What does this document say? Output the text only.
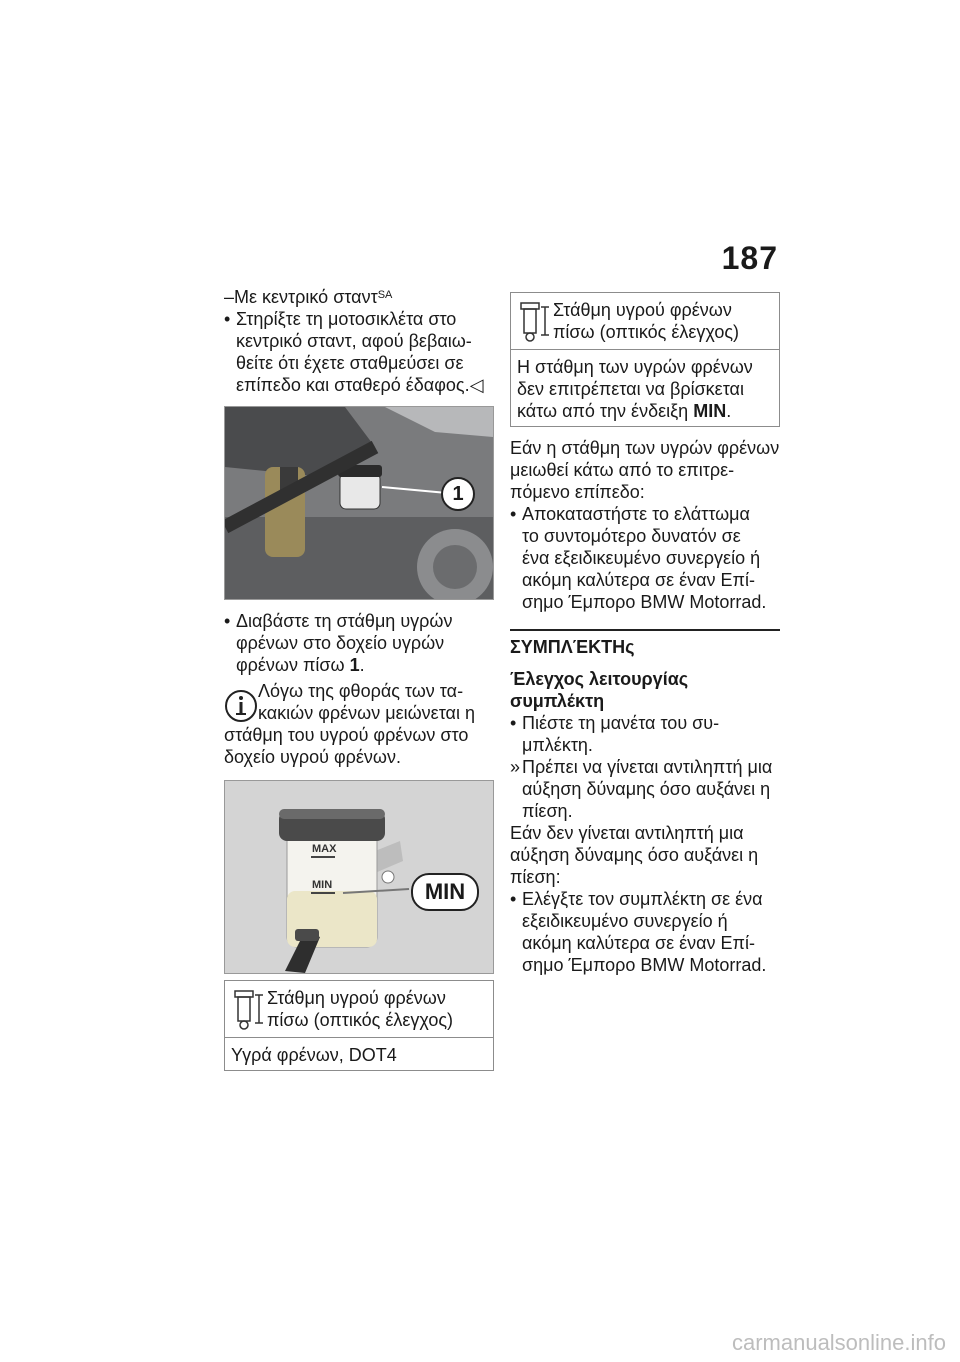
187
–Με κεντρικό σταντ$^{SA}$
• Στηρίξτε τη μοτοσικλέτα στο
κεντρικό σταντ, αφού βεβαιω-
θείτε ότι έχετε σταθμεύσει σε
επίπεδο και σταθερό έδαφος.◁
1
• Διαβάστε τη στάθμη υγρών
φρένων στο δοχείο υγρών
φρένων πίσω 1.
Λόγω της φθοράς των τα-
κακιών φρένων μειώνεται η
στάθμη του υγρού φρένων στο
δοχείο υγρού φρένων.
MAX
MIN	MIN
Στάθμη υγρού φρένων
πίσω (οπτικός έλεγχος)
Υγρά φρένων, DOT4
Στάθμη υγρού φρένων
πίσω (οπτικός έλεγχος)
Η στάθμη των υγρών φρένων
δεν επιτρέπεται να βρίσκεται
κάτω από την ένδειξη MIN.
Εάν η στάθμη των υγρών φρένων
μειωθεί κάτω από το επιτρε-
πόμενο επίπεδο:
• Αποκαταστήστε το ελάττωμα
το συντομότερο δυνατόν σε
ένα εξειδικευμένο συνεργείο ή
ακόμη καλύτερα σε έναν Επί-
σημο Έμπορο BMW Motorrad.
ΣΥΜΠΛΈΚΤΗς
Έλεγχος λειτουργίας
συμπλέκτη
• Πιέστε τη μανέτα του συ-
μπλέκτη.
» Πρέπει να γίνεται αντιληπτή μια
αύξηση δύναμης όσο αυξάνει η
πίεση.
Εάν δεν γίνεται αντιληπτή μια
αύξηση δύναμης όσο αυξάνει η
πίεση:
• Ελέγξτε τον συμπλέκτη σε ένα
εξειδικευμένο συνεργείο ή
ακόμη καλύτερα σε έναν Επί-
σημο Έμπορο BMW Motorrad.
carmanualsonline.info
